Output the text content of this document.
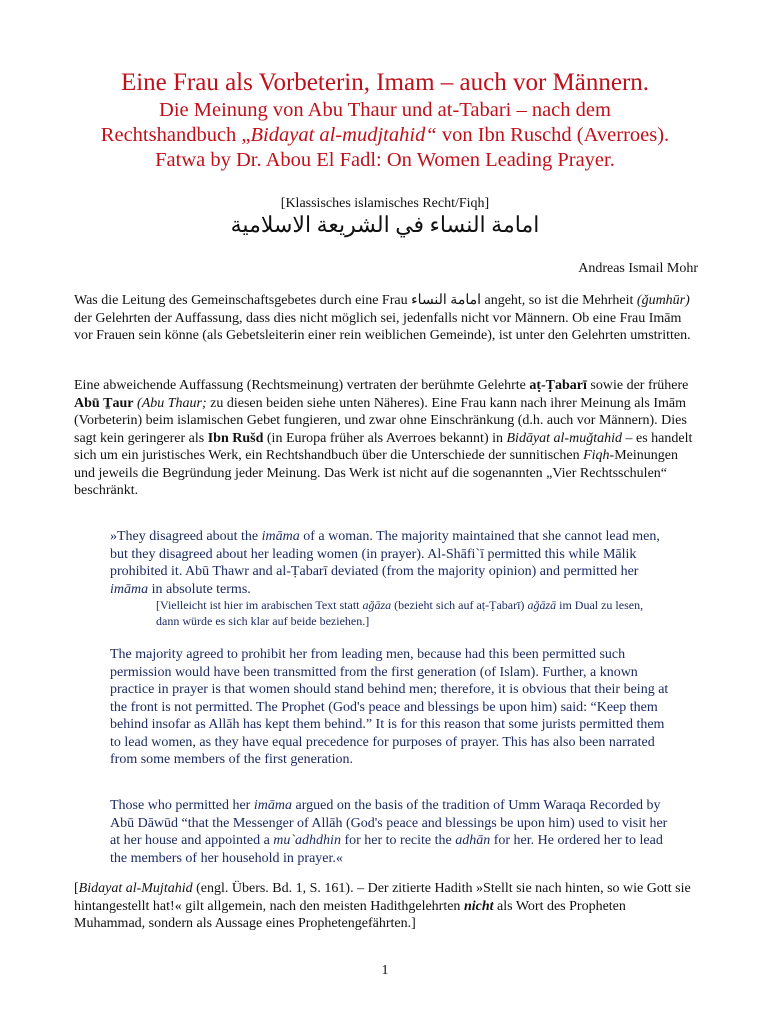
Eine Frau als Vorbeterin, Imam – auch vor Männern.
Die Meinung von Abu Thaur und at-Tabari – nach dem
Rechtshandbuch „Bidayat al-mudjtahid“ von Ibn Ruschd (Averroes).
Fatwa by Dr. Abou El Fadl: On Women Leading Prayer.
[Klassisches islamisches Recht/Fiqh]
امامة النساء في الشريعة الاسلامية
Andreas Ismail Mohr
Was die Leitung des Gemeinschaftsgebetes durch eine Frau امامة النساء angeht, so ist die Mehrheit (ǧumhūr) der Gelehrten der Auffassung, dass dies nicht möglich sei, jedenfalls nicht vor Männern. Ob eine Frau Imām vor Frauen sein könne (als Gebetsleiterin einer rein weiblichen Gemeinde), ist unter den Gelehrten umstritten.
Eine abweichende Auffassung (Rechtsmeinung) vertraten der berühmte Gelehrte aṭ-Ṭabarī sowie der frühere Abū Ṯaur (Abu Thaur; zu diesen beiden siehe unten Näheres). Eine Frau kann nach ihrer Meinung als Imām (Vorbeterin) beim islamischen Gebet fungieren, und zwar ohne Einschränkung (d.h. auch vor Männern). Dies sagt kein geringerer als Ibn Rušd (in Europa früher als Averroes bekannt) in Bidāyat al-muǧtahid – es handelt sich um ein juristisches Werk, ein Rechtshandbuch über die Unterschiede der sunnitischen Fiqh-Meinungen und jeweils die Begründung jeder Meinung. Das Werk ist nicht auf die sogenannten „Vier Rechtsschulen“ beschränkt.
»They disagreed about the imāma of a woman. The majority maintained that she cannot lead men, but they disagreed about her leading women (in prayer). Al-Shāfi`ī permitted this while Mālik prohibited it. Abū Thawr and al-Ṭabarī deviated (from the majority opinion) and permitted her imāma in absolute terms.
[Vielleicht ist hier im arabischen Text statt ağāza (bezieht sich auf aṭ-Ṭabarī) ağāzā im Dual zu lesen, dann würde es sich klar auf beide beziehen.]
The majority agreed to prohibit her from leading men, because had this been permitted such permission would have been transmitted from the first generation (of Islam). Further, a known practice in prayer is that women should stand behind men; therefore, it is obvious that their being at the front is not permitted. The Prophet (God's peace and blessings be upon him) said: “Keep them behind insofar as Allāh has kept them behind.” It is for this reason that some jurists permitted them to lead women, as they have equal precedence for purposes of prayer. This has also been narrated from some members of the first generation.
Those who permitted her imāma argued on the basis of the tradition of Umm Waraqa Recorded by Abū Dāwūd “that the Messenger of Allāh (God's peace and blessings be upon him) used to visit her at her house and appointed a mu`adhdhin for her to recite the adhān for her. He ordered her to lead the members of her household in prayer.«
[Bidayat al-Mujtahid (engl. Übers. Bd. 1, S. 161). – Der zitierte Hadith »Stellt sie nach hinten, so wie Gott sie hintangestellt hat!« gilt allgemein, nach den meisten Hadithgelehrten nicht als Wort des Propheten Muhammad, sondern als Aussage eines Prophetengefährten.]
1
